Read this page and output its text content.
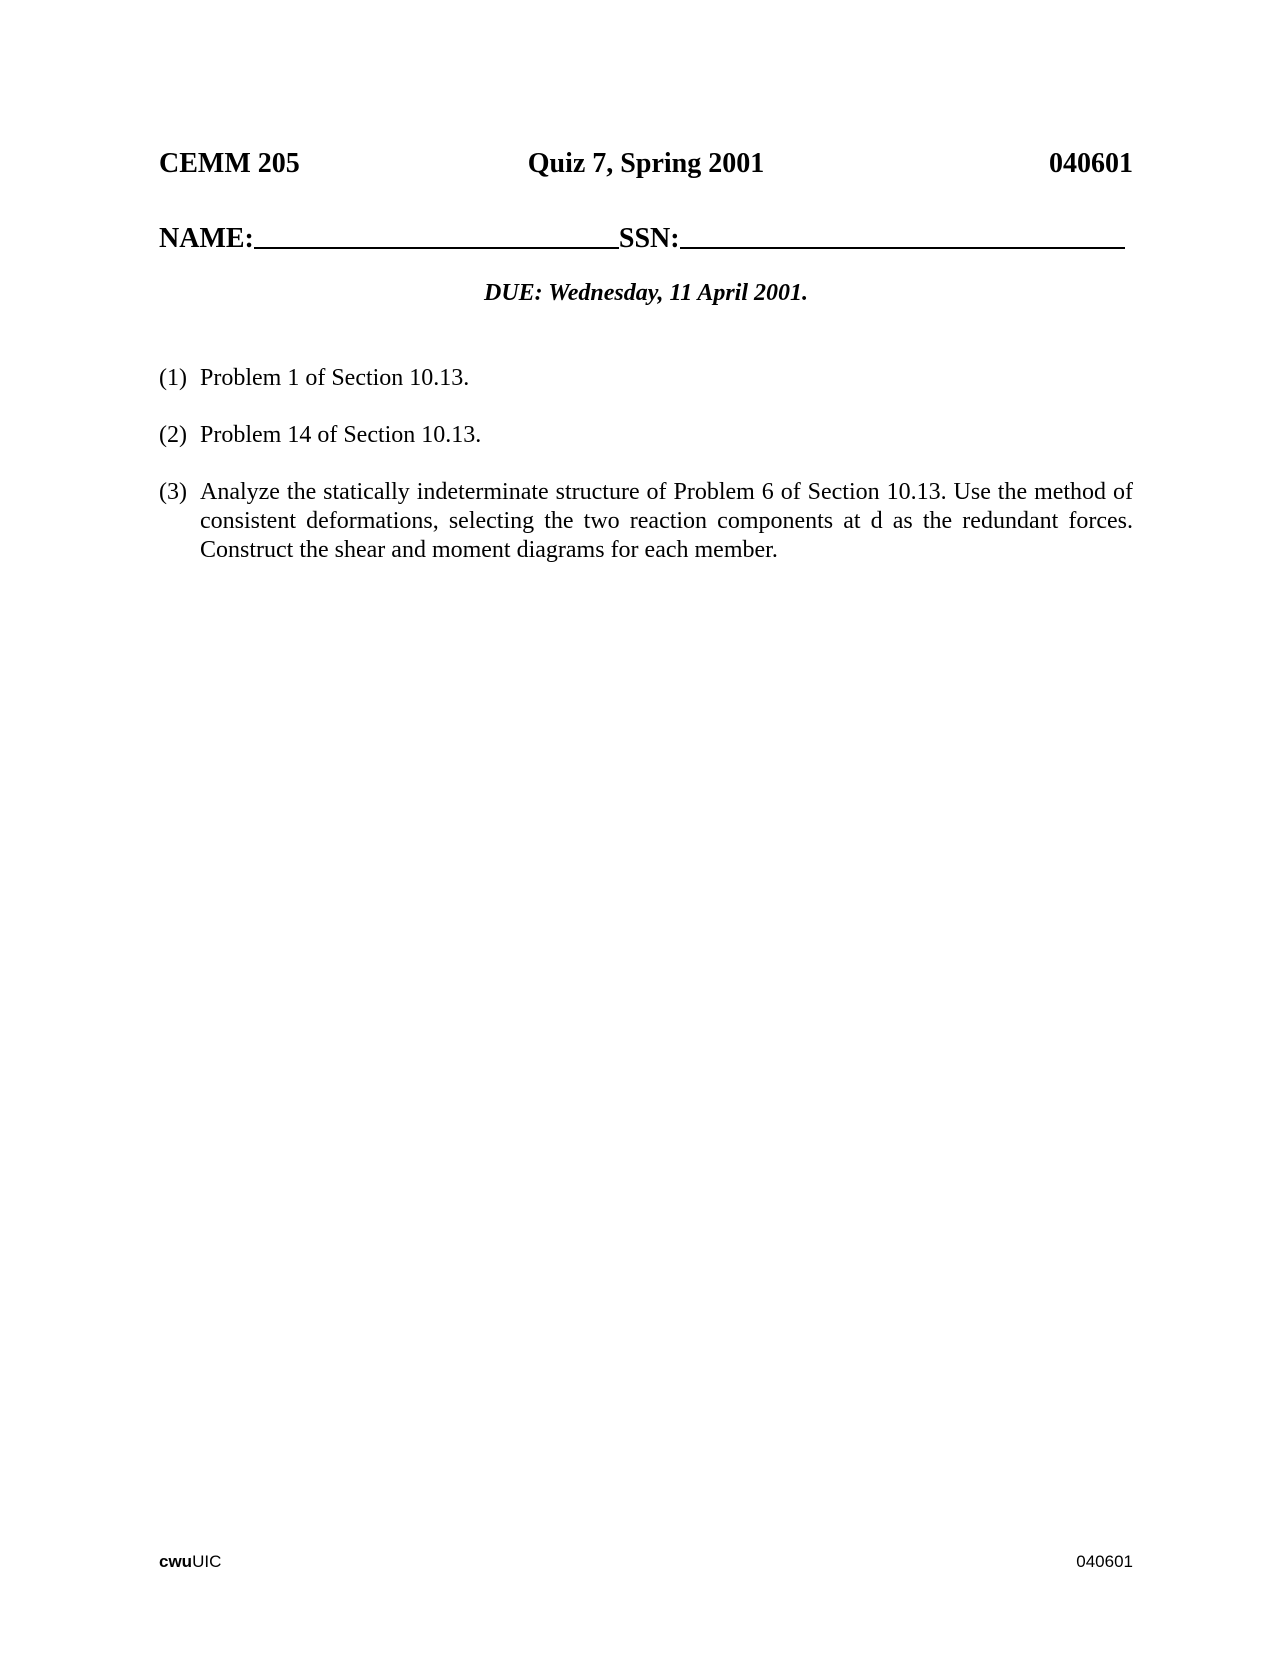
CEMM 205	Quiz 7, Spring 2001	040601
NAME:	SSN:
DUE: Wednesday, 11 April 2001.
(1) Problem 1 of Section 10.13.
(2) Problem 14 of Section 10.13.
(3) Analyze the statically indeterminate structure of Problem 6 of Section 10.13. Use the method of consistent deformations, selecting the two reaction components at d as the redundant forces. Construct the shear and moment diagrams for each member.
cwuUIC	040601
